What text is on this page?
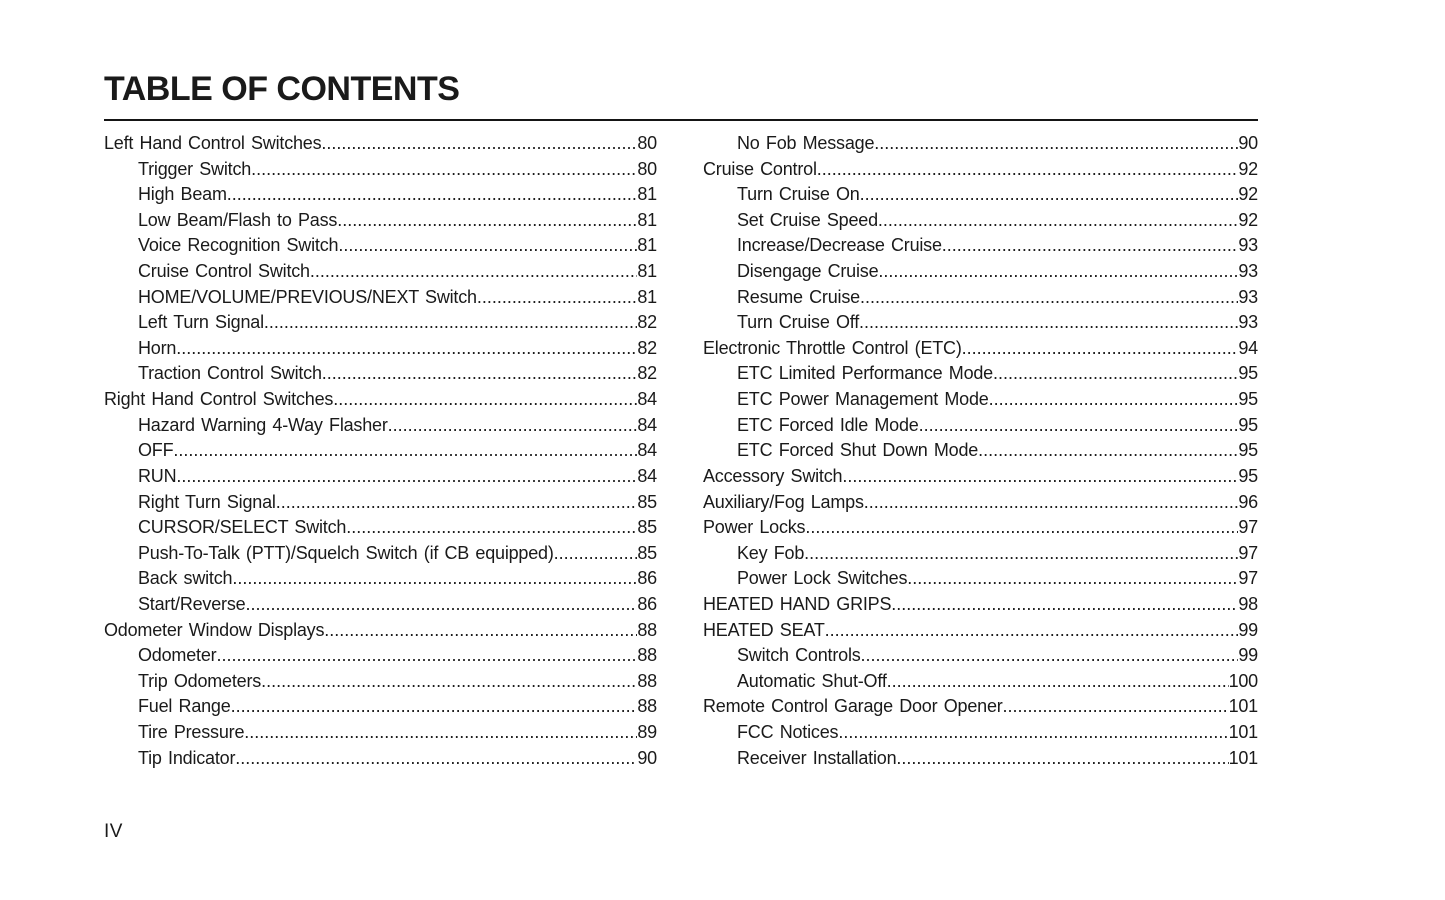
TABLE OF CONTENTS
Left Hand Control Switches .....	80
Trigger Switch .....	80
High Beam .....	81
Low Beam/Flash to Pass .....	81
Voice Recognition Switch .....	81
Cruise Control Switch .....	81
HOME/VOLUME/PREVIOUS/NEXT Switch .....	81
Left Turn Signal .....	82
Horn .....	82
Traction Control Switch .....	82
Right Hand Control Switches .....	84
Hazard Warning 4-Way Flasher .....	84
OFF .....	84
RUN .....	84
Right Turn Signal .....	85
CURSOR/SELECT Switch .....	85
Push-To-Talk (PTT)/Squelch Switch (if CB equipped) .....	85
Back switch .....	86
Start/Reverse .....	86
Odometer Window Displays .....	88
Odometer .....	88
Trip Odometers .....	88
Fuel Range .....	88
Tire Pressure .....	89
Tip Indicator .....	90
No Fob Message .....	90
Cruise Control .....	92
Turn Cruise On .....	92
Set Cruise Speed .....	92
Increase/Decrease Cruise .....	93
Disengage Cruise .....	93
Resume Cruise .....	93
Turn Cruise Off .....	93
Electronic Throttle Control (ETC) .....	94
ETC Limited Performance Mode .....	95
ETC Power Management Mode .....	95
ETC Forced Idle Mode .....	95
ETC Forced Shut Down Mode .....	95
Accessory Switch .....	95
Auxiliary/Fog Lamps .....	96
Power Locks .....	97
Key Fob .....	97
Power Lock Switches .....	97
HEATED HAND GRIPS .....	98
HEATED SEAT .....	99
Switch Controls .....	99
Automatic Shut-Off .....	100
Remote Control Garage Door Opener .....	101
FCC Notices .....	101
Receiver Installation .....	101
IV
